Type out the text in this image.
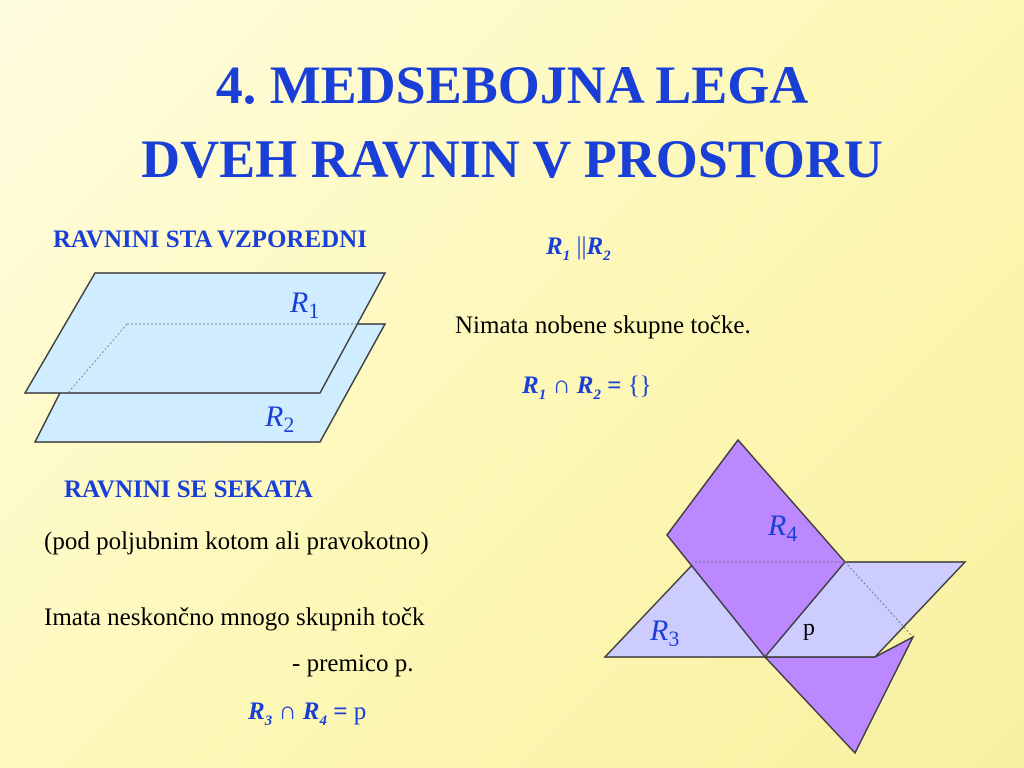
4. MEDSEBOJNA LEGA
DVEH RAVNIN V PROSTORU
RAVNINI STA VZPOREDNI	$R_1$ $||R_2$
Nimata nobene skupne točke.
$R_1$ ∩ $R_2$ = {}
$R_1$
$R_2$
RAVNINI SE SEKATA
(pod poljubnim kotom ali pravokotno)
Imata neskončno mnogo skupnih točk
- premico p.
$R_3$ ∩ $R_4 = p$
$R_4$
$R_3$	p
